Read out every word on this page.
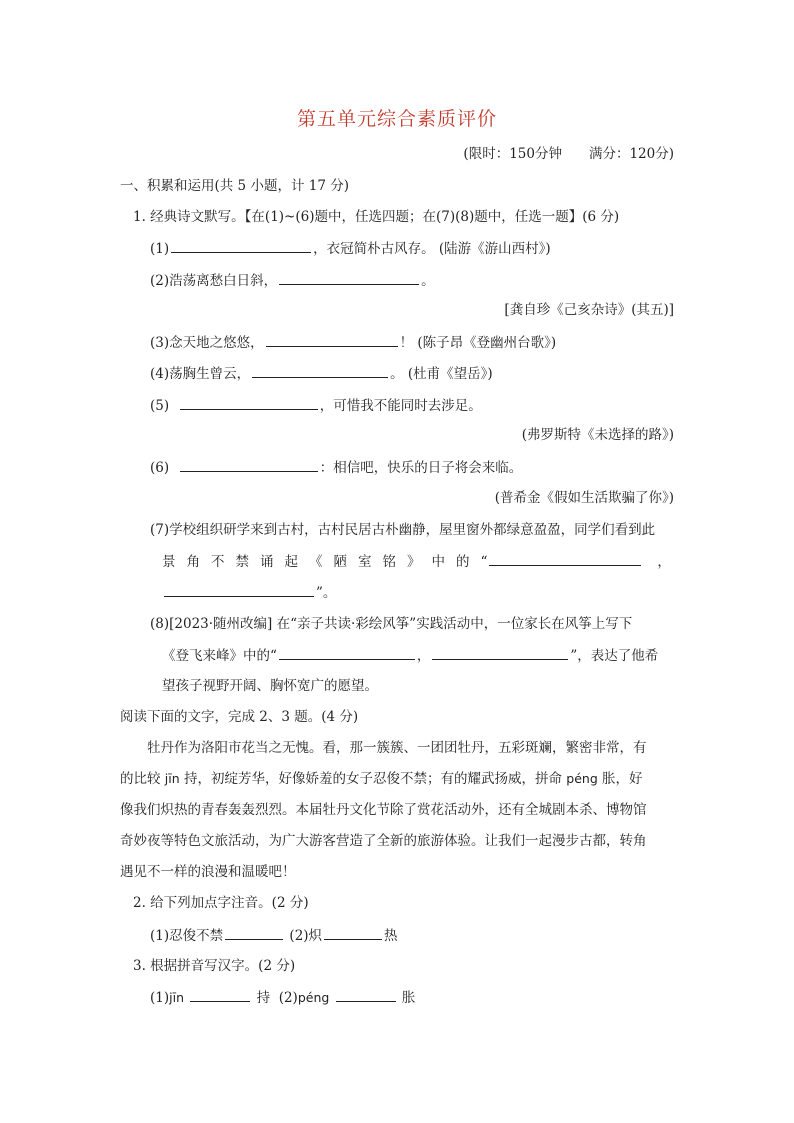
第五单元综合素质评价
(限时：150分钟　　满分：120分)
一、积累和运用(共 5 小题，计 17 分)
1. 经典诗文默写。【在(1)~(6)题中，任选四题；在(7)(8)题中，任选一题】(6 分)
(1)	，衣冠简朴古风存。 (陆游《游山西村》)
(2)浩荡离愁白日斜，	。
[龚自珍《己亥杂诗》(其五)]
(3)念天地之悠悠，	！ (陈子昂《登幽州台歌》)
(4)荡胸生曾云，	。 (杜甫《望岳》)
(5)	，可惜我不能同时去涉足。
(弗罗斯特《未选择的路》)
(6)	：相信吧，快乐的日子将会来临。
(普希金《假如生活欺骗了你》)
(7)学校组织研学来到古村，古村民居古朴幽静，屋里窗外都绿意盈盈，同学们看到此
景角不禁诵起《陋室铭》中的“	，
”。
(8)[2023·随州改编] 在“亲子共读·彩绘风筝”实践活动中，一位家长在风筝上写下
《登飞来峰》中的“	，	”，表达了他希
望孩子视野开阔、胸怀宽广的愿望。
阅读下面的文字，完成 2、3 题。(4 分)
牡丹作为洛阳市花当之无愧。看，那一簇簇、一团团牡丹，五彩斑斓，繁密非常，有
的比较 jīn 持，初绽芳华，好像娇羞的女子忍俊不禁；有的耀武扬威，拼命 péng 胀，好
像我们炽热的青春轰轰烈烈。本届牡丹文化节除了赏花活动外，还有全城剧本杀、博物馆
奇妙夜等特色文旅活动，为广大游客营造了全新的旅游体验。让我们一起漫步古都，转角
遇见不一样的浪漫和温暖吧！
2. 给下列加点字注音。(2 分)
(1)忍俊不禁	(2)炽	热
3. 根据拼音写汉字。(2 分)
(1)jīn	持 (2)péng	胀
